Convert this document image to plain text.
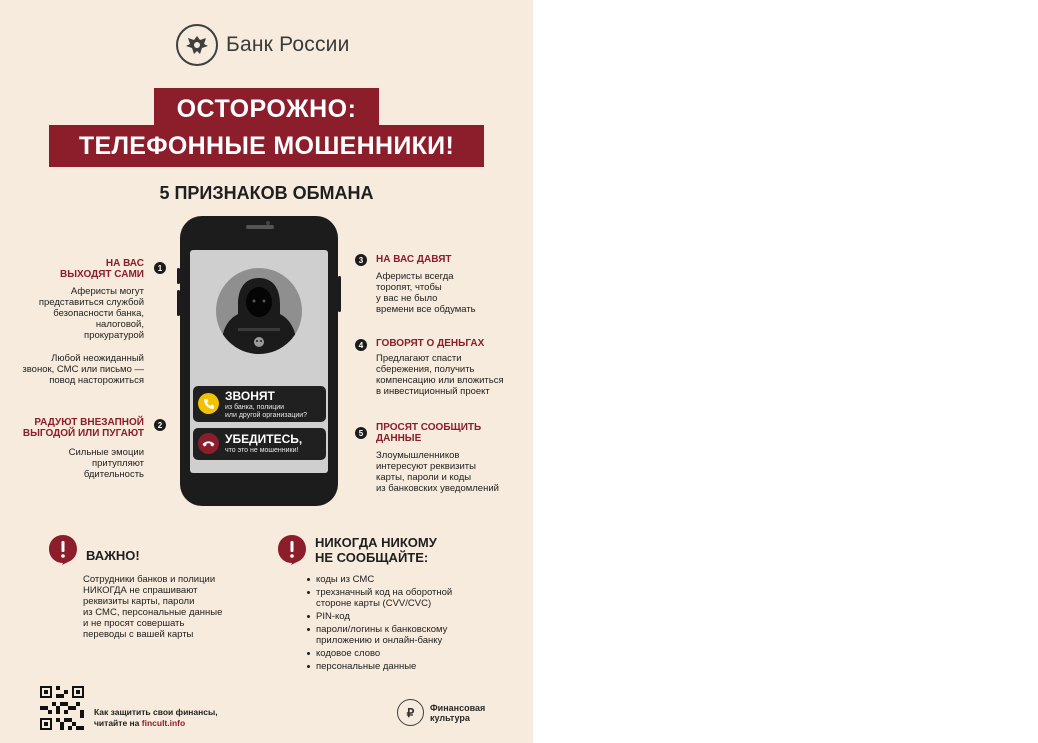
Банк России
ОСТОРОЖНО:
ТЕЛЕФОННЫЕ МОШЕННИКИ!
5 ПРИЗНАКОВ ОБМАНА
ЗВОНЯТ
из банка, полиции
или другой организации?
УБЕДИТЕСЬ,
что это не мошенники!
1
НА ВАС
ВЫХОДЯТ САМИ
Аферисты могут
представиться службой
безопасности банка,
налоговой,
прокуратурой
Любой неожиданный
звонок, СМС или письмо —
повод насторожиться
2
РАДУЮТ ВНЕЗАПНОЙ
ВЫГОДОЙ ИЛИ ПУГАЮТ
Сильные эмоции
притупляют
бдительность
3	НА ВАС ДАВЯТ
Аферисты всегда
торопят, чтобы
у вас не было
времени все обдумать
4	ГОВОРЯТ О ДЕНЬГАХ
Предлагают спасти
сбережения, получить
компенсацию или вложиться
в инвестиционный проект
5	ПРОСЯТ СООБЩИТЬ
ДАННЫЕ
Злоумышленников
интересуют реквизиты
карты, пароли и коды
из банковских уведомлений
ВАЖНО!
Сотрудники банков и полиции
НИКОГДА не спрашивают
реквизиты карты, пароли
из СМС, персональные данные
и не просят совершать
переводы с вашей карты
НИКОГДА НИКОМУ
НЕ СООБЩАЙТЕ:
коды из СМС
трехзначный код на оборотной
стороне карты (CVV/CVC)
PIN-код
пароли/логины к банковскому
приложению и онлайн-банку
кодовое слово
персональные данные
Как защитить свои финансы,
читайте на fincult.info
₽	Финансовая
культура
